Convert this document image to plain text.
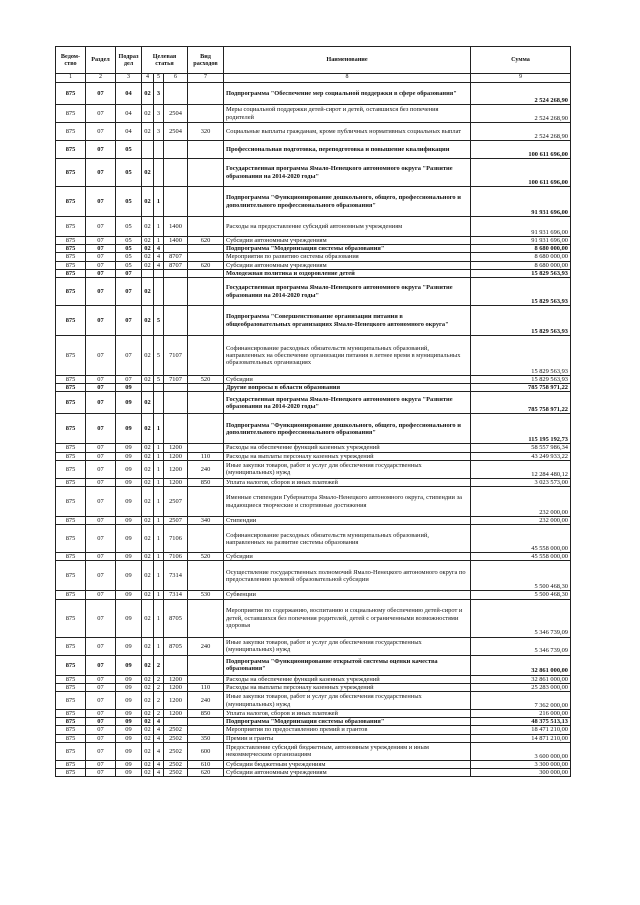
Ведом-ство	Раздел	Подраз дел	Целевая статья			Вид расходов	Наименование	Сумма
1	2	3	4	5	6	7	8	9
875	07	04	02	3			Подпрограмма "Обеспечение мер социальной поддержки в сфере образования"	2 524 268,90
875	07	04	02	3	2504		Меры социальной поддержки детей-сирот и детей, оставшихся без попечения родителей	2 524 268,90
875	07	04	02	3	2504	320	Социальные выплаты гражданам, кроме публичных нормативных социальных выплат	2 524 268,90
875	07	05					Профессиональная подготовка, переподготовка и повышение квалификации	100 611 696,00
875	07	05	02				Государственная программа Ямало-Ненецкого автономного округа "Развитие образования на 2014-2020 годы"	100 611 696,00
875	07	05	02	1			Подпрограмма "Функционирование дошкольного, общего, профессионального и дополнительного профессионального образования"	91 931 696,00
875	07	05	02	1	1400		Расходы на предоставление субсидий автономным учреждениям	91 931 696,00
875	07	05	02	1	1400	620	Субсидии автономным учреждениям	91 931 696,00
875	07	05	02	4			Подпрограмма "Модернизация системы образования"	8 680 000,00
875	07	05	02	4	8707		Мероприятия по развитию системы образования	8 680 000,00
875	07	05	02	4	8707	620	Субсидии автономным учреждениям	8 680 000,00
875	07	07					Молодежная политика и оздоровление детей	15 829 563,93
875	07	07	02				Государственная программа Ямало-Ненецкого автономного округа "Развитие образования на 2014-2020 годы"	15 829 563,93
875	07	07	02	5			Подпрограмма "Совершенствование организации питания в общеобразовательных организациях Ямало-Ненецкого автономного округа"	15 829 563,93
875	07	07	02	5	7107		Софинансирование расходных обязательств муниципальных образований, направленных на обеспечение организации питания в летнее время в муниципальных образовательных организациях	15 829 563,93
875	07	07	02	5	7107	520	Субсидии	15 829 563,93
875	07	09					Другие вопросы в области образования	785 758 971,22
875	07	09	02				Государственная программа Ямало-Ненецкого автономного округа "Развитие образования на 2014-2020 годы"	785 758 971,22
875	07	09	02	1			Подпрограмма "Функционирование дошкольного, общего, профессионального и дополнительного профессионального образования"	115 195 192,73
875	07	09	02	1	1200		Расходы на обеспечение функций казенных учреждений	58 557 986,34
875	07	09	02	1	1200	110	Расходы на выплаты персоналу казенных учреждений	43 249 933,22
875	07	09	02	1	1200	240	Иные закупки товаров, работ и услуг для обеспечения государственных (муниципальных) нужд	12 284 480,12
875	07	09	02	1	1200	850	Уплата налогов, сборов и иных платежей	3 023 573,00
875	07	09	02	1	2507		Именные стипендии Губернатора Ямало-Ненецкого автономного округа, стипендии за выдающиеся творческие и спортивные достижения	232 000,00
875	07	09	02	1	2507	340	Стипендии	232 000,00
875	07	09	02	1	7106		Софинансирование расходных обязательств муниципальных образований, направленных на развитие системы образования	45 558 000,00
875	07	09	02	1	7106	520	Субсидии	45 558 000,00
875	07	09	02	1	7314		Осуществление государственных полномочий Ямало-Ненецкого автономного округа по предоставлению целевой образовательной субсидии	5 500 468,30
875	07	09	02	1	7314	530	Субвенции	5 500 468,30
875	07	09	02	1	8705		Мероприятия по содержанию, воспитанию и социальному обеспечению детей-сирот и детей, оставшихся без попечения родителей, детей с ограниченными возможностями здоровья	5 346 739,09
875	07	09	02	1	8705	240	Иные закупки товаров, работ и услуг для обеспечения государственных (муниципальных) нужд	5 346 739,09
875	07	09	02	2			Подпрограмма "Функционирование открытой системы оценки качества образования"	32 861 000,00
875	07	09	02	2	1200		Расходы на обеспечение функций казенных учреждений	32 861 000,00
875	07	09	02	2	1200	110	Расходы на выплаты персоналу казенных учреждений	25 283 000,00
875	07	09	02	2	1200	240	Иные закупки товаров, работ и услуг для обеспечения государственных (муниципальных) нужд	7 362 000,00
875	07	09	02	2	1200	850	Уплата налогов, сборов и иных платежей	216 000,00
875	07	09	02	4			Подпрограмма "Модернизация системы образования"	48 375 513,13
875	07	09	02	4	2502		Мероприятия по предоставлению премий и грантов	18 471 210,00
875	07	09	02	4	2502	350	Премии и гранты	14 871 210,00
875	07	09	02	4	2502	600	Предоставление субсидий бюджетным, автономным учреждениям и иным некоммерческим организациям	3 600 000,00
875	07	09	02	4	2502	610	Субсидии бюджетным учреждениям	3 300 000,00
875	07	09	02	4	2502	620	Субсидии автономным учреждениям	300 000,00
